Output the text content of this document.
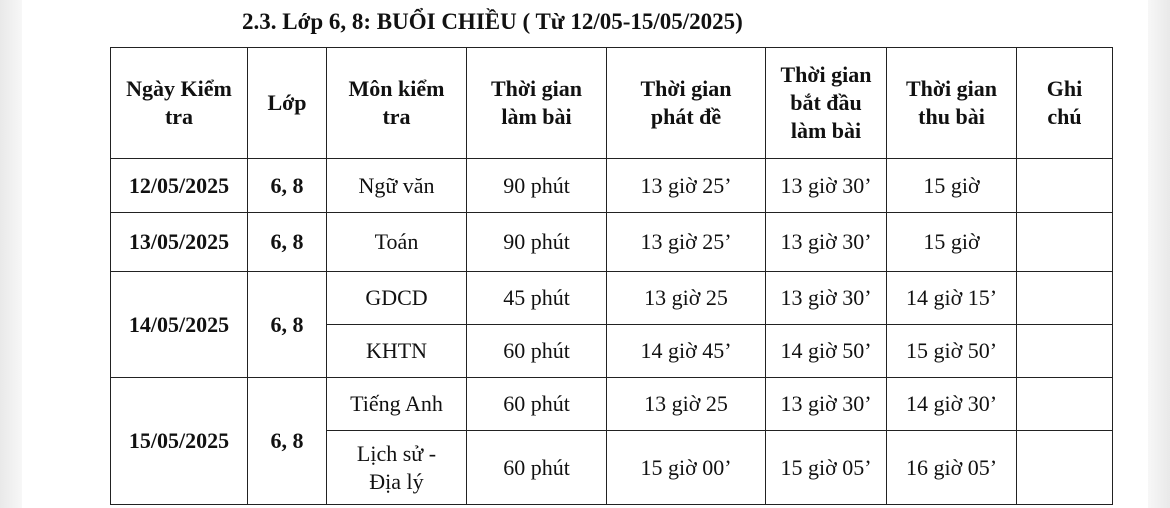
2.3. Lớp 6, 8: BUỔI CHIỀU ( Từ 12/05-15/05/2025)
Ngày Kiểm tra	Lớp	Môn kiểm tra	Thời gian làm bài	Thời gian phát đề	Thời gian bắt đầu làm bài	Thời gian thu bài	Ghi chú
12/05/2025	6, 8	Ngữ văn	90 phút	13 giờ 25’	13 giờ 30’	15 giờ	
13/05/2025	6, 8	Toán	90 phút	13 giờ 25’	13 giờ 30’	15 giờ	
14/05/2025	6, 8	GDCD	45 phút	13 giờ 25	13 giờ 30’	14 giờ 15’	
		KHTN	60 phút	14 giờ 45’	14 giờ 50’	15 giờ 50’	
15/05/2025	6, 8	Tiếng Anh	60 phút	13 giờ 25	13 giờ 30’	14 giờ 30’	
		Lịch sử - Địa lý	60 phút	15 giờ 00’	15 giờ 05’	16 giờ 05’	
